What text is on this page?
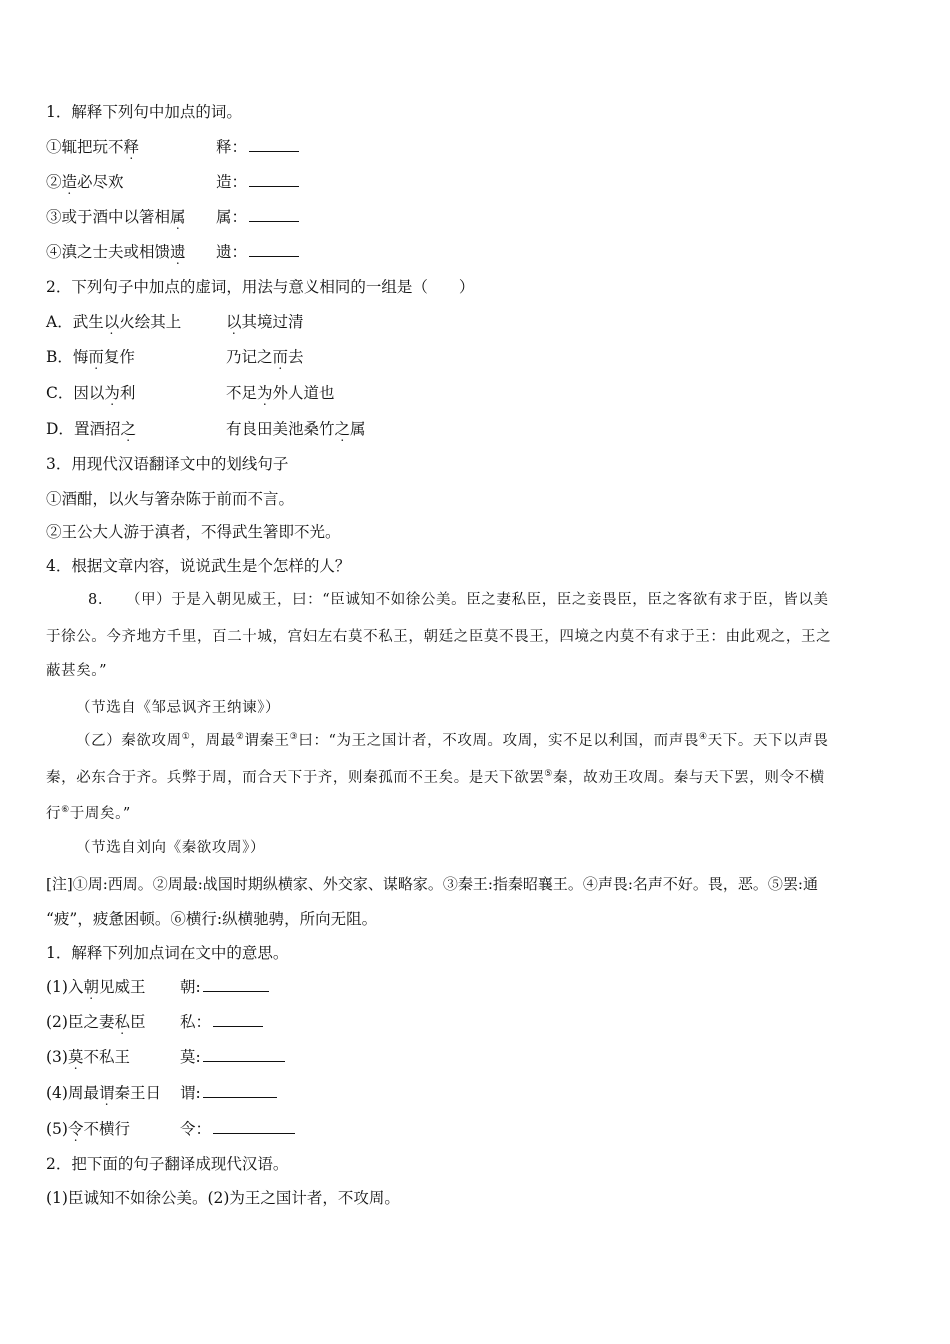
1．解释下列句中加点的词。
①辄把玩不释	释：
②造必尽欢	造：
③或于酒中以箸相属 属：
④滇之士夫或相馈遗 遗：
2．下列句子中加点的虚词，用法与意义相同的一组是（　　）
A．武生以火绘其上	以其境过清
B．悔而复作	乃记之而去
C．因以为利	不足为外人道也
D．置酒招之	有良田美池桑竹之属
3．用现代汉语翻译文中的划线句子
①酒酣，以火与箸杂陈于前而不言。
②王公大人游于滇者，不得武生箸即不光。
4．根据文章内容，说说武生是个怎样的人？
8.　　（甲）于是入朝见威王，曰：“臣诚知不如徐公美。臣之妻私臣，臣之妾畏臣，臣之客欲有求于臣，皆以美
于徐公。今齐地方千里，百二十城，宫妇左右莫不私王，朝廷之臣莫不畏王，四境之内莫不有求于王：由此观之，王之
蔽甚矣。”
（节选自《邹忌讽齐王纳谏》）
（乙）秦欲攻周①，周最②谓秦王③曰：“为王之国计者，不攻周。攻周，实不足以利国，而声畏④天下。天下以声畏
秦，必东合于齐。兵弊于周，而合天下于齐，则秦孤而不王矣。是天下欲罢⑤秦，故劝王攻周。秦与天下罢，则令不横
行⑥于周矣。”
（节选自刘向《秦欲攻周》）
[注]①周:西周。②周最:战国时期纵横家、外交家、谋略家。③秦王:指秦昭襄王。④声畏:名声不好。畏，恶。⑤罢:通
“疲”，疲惫困顿。⑥横行:纵横驰骋，所向无阻。
1．解释下列加点词在文中的意思。
(1)入朝见威王 朝:
(2)臣之妻私臣 私：
(3)莫不私王	莫:
(4)周最谓秦王日 谓:
(5)令不横行	令：
2．把下面的句子翻译成现代汉语。
(1)臣诚知不如徐公美。(2)为王之国计者，不攻周。
